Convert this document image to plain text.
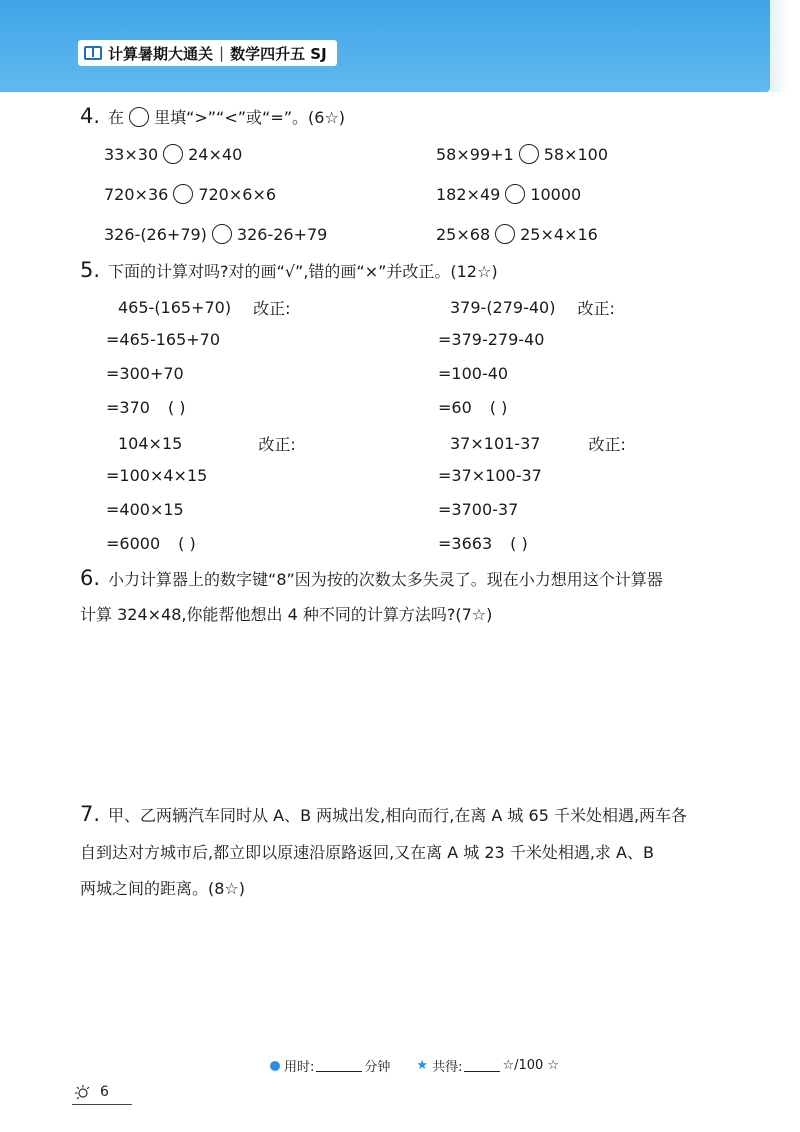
计算暑期大通关 | 数学四升五 SJ
4. 在 里填“>”“<”或“=”。(6☆)
33×30 24×40	58×99+1 58×100
720×36 720×6×6	182×49 10000
326-(26+79) 326-26+79	25×68 25×4×16
5. 下面的计算对吗?对的画“√”,错的画“×”并改正。(12☆)
465-(165+70) 改正:
=465-165+70
=300+70
=370 ( )
379-(279-40) 改正:
=379-279-40
=100-40
=60 ( )
104×15	改正:
=100×4×15
=400×15
=6000 ( )
37×101-37	改正:
=37×100-37
=3700-37
=3663 ( )
6. 小力计算器上的数字键“8”因为按的次数太多失灵了。现在小力想用这个计算器
计算 324×48,你能帮他想出 4 种不同的计算方法吗?(7☆)
7. 甲、乙两辆汽车同时从 A、B 两城出发,相向而行,在离 A 城 65 千米处相遇,两车各
自到达对方城市后,都立即以原速沿原路返回,又在离 A 城 23 千米处相遇,求 A、B
两城之间的距离。(8☆)
用时:	分钟 ★ 共得:	☆/100 ☆
6
